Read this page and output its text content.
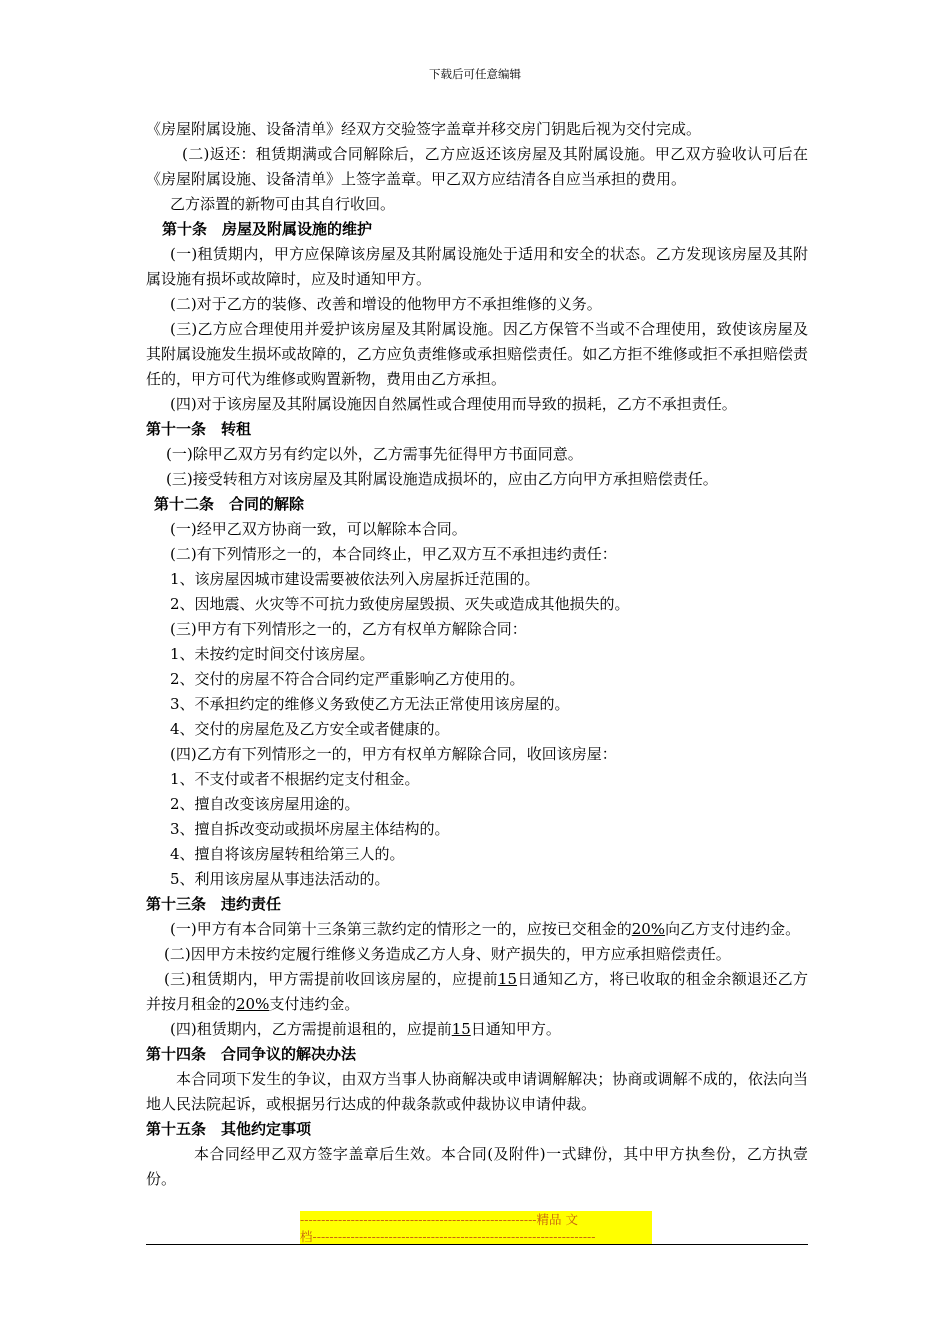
下载后可任意编辑

《房屋附属设施、设备清单》经双方交验签字盖章并移交房门钥匙后视为交付完成。

(二)返还：租赁期满或合同解除后，乙方应返还该房屋及其附属设施。甲乙双方验收认可后在《房屋附属设施、设备清单》上签字盖章。甲乙双方应结清各自应当承担的费用。

乙方添置的新物可由其自行收回。

第十条　房屋及附属设施的维护

(一)租赁期内，甲方应保障该房屋及其附属设施处于适用和安全的状态。乙方发现该房屋及其附属设施有损坏或故障时，应及时通知甲方。

(二)对于乙方的装修、改善和增设的他物甲方不承担维修的义务。

(三)乙方应合理使用并爱护该房屋及其附属设施。因乙方保管不当或不合理使用，致使该房屋及其附属设施发生损坏或故障的，乙方应负责维修或承担赔偿责任。如乙方拒不维修或拒不承担赔偿责任的，甲方可代为维修或购置新物，费用由乙方承担。

(四)对于该房屋及其附属设施因自然属性或合理使用而导致的损耗，乙方不承担责任。

第十一条　转租

(一)除甲乙双方另有约定以外，乙方需事先征得甲方书面同意。

(三)接受转租方对该房屋及其附属设施造成损坏的，应由乙方向甲方承担赔偿责任。

第十二条　合同的解除

(一)经甲乙双方协商一致，可以解除本合同。

(二)有下列情形之一的，本合同终止，甲乙双方互不承担违约责任：

1、该房屋因城市建设需要被依法列入房屋拆迁范围的。

2、因地震、火灾等不可抗力致使房屋毁损、灭失或造成其他损失的。

(三)甲方有下列情形之一的，乙方有权单方解除合同：

1、未按约定时间交付该房屋。

2、交付的房屋不符合合同约定严重影响乙方使用的。

3、不承担约定的维修义务致使乙方无法正常使用该房屋的。

4、交付的房屋危及乙方安全或者健康的。

(四)乙方有下列情形之一的，甲方有权单方解除合同，收回该房屋：

1、不支付或者不根据约定支付租金。

2、擅自改变该房屋用途的。

3、擅自拆改变动或损坏房屋主体结构的。

4、擅自将该房屋转租给第三人的。

5、利用该房屋从事违法活动的。

第十三条　违约责任

(一)甲方有本合同第十三条第三款约定的情形之一的，应按已交租金的20%向乙方支付违约金。

(二)因甲方未按约定履行维修义务造成乙方人身、财产损失的，甲方应承担赔偿责任。

(三)租赁期内，甲方需提前收回该房屋的，应提前15日通知乙方，将已收取的租金余额退还乙方并按月租金的20%支付违约金。

(四)租赁期内，乙方需提前退租的，应提前15日通知甲方。

第十四条　合同争议的解决办法

本合同项下发生的争议，由双方当事人协商解决或申请调解解决；协商或调解不成的，依法向当地人民法院起诉，或根据另行达成的仲裁条款或仲裁协议申请仲裁。

第十五条　其他约定事项

本合同经甲乙双方签字盖章后生效。本合同(及附件)一式肆份，其中甲方执叁份，乙方执壹份。

--------------------------------------------------------精品 文
档-------------------------------------------------------------------
